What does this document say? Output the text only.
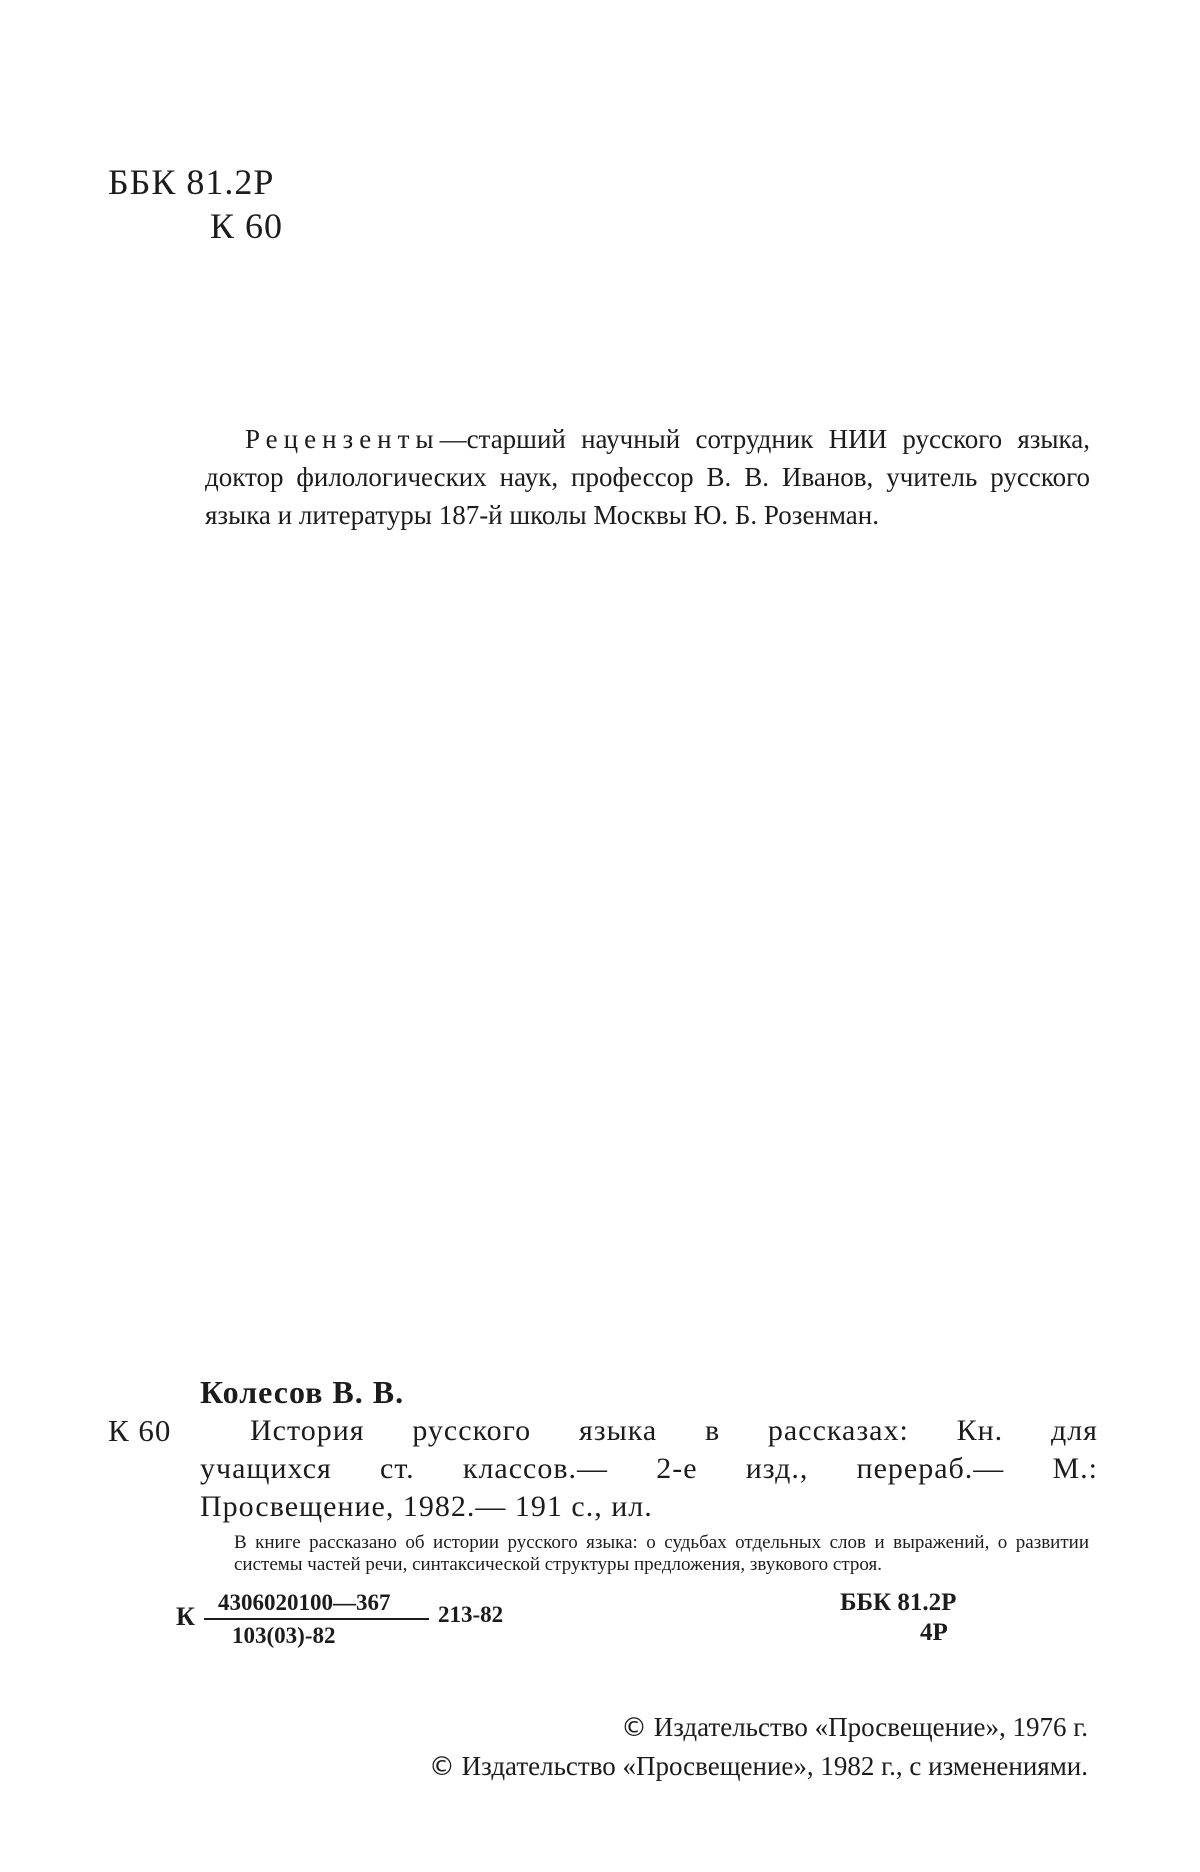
ББК 81.2Р
К 60
Рецензенты—старший научный сотрудник НИИ русского языка, доктор филологических наук, профессор В. В. Иванов, учитель русского языка и литературы 187-й школы Москвы Ю. Б. Розенман.
Колесов В. В.
К 60	История русского языка в рассказах: Кн. для
учащихся ст. классов.— 2-е изд., перераб.— М.:
Просвещение, 1982.— 191 с., ил.
В книге рассказано об истории русского языка: о судьбах отдельных слов и выражений, о развитии системы частей речи, синтаксической структуры предложения, звукового строя.
К $\frac{4306020100—367}{103(03)-82} 213-82$	ББК 81.2Р
4Р
© Издательство «Просвещение», 1976 г.
© Издательство «Просвещение», 1982 г., с изменениями.
